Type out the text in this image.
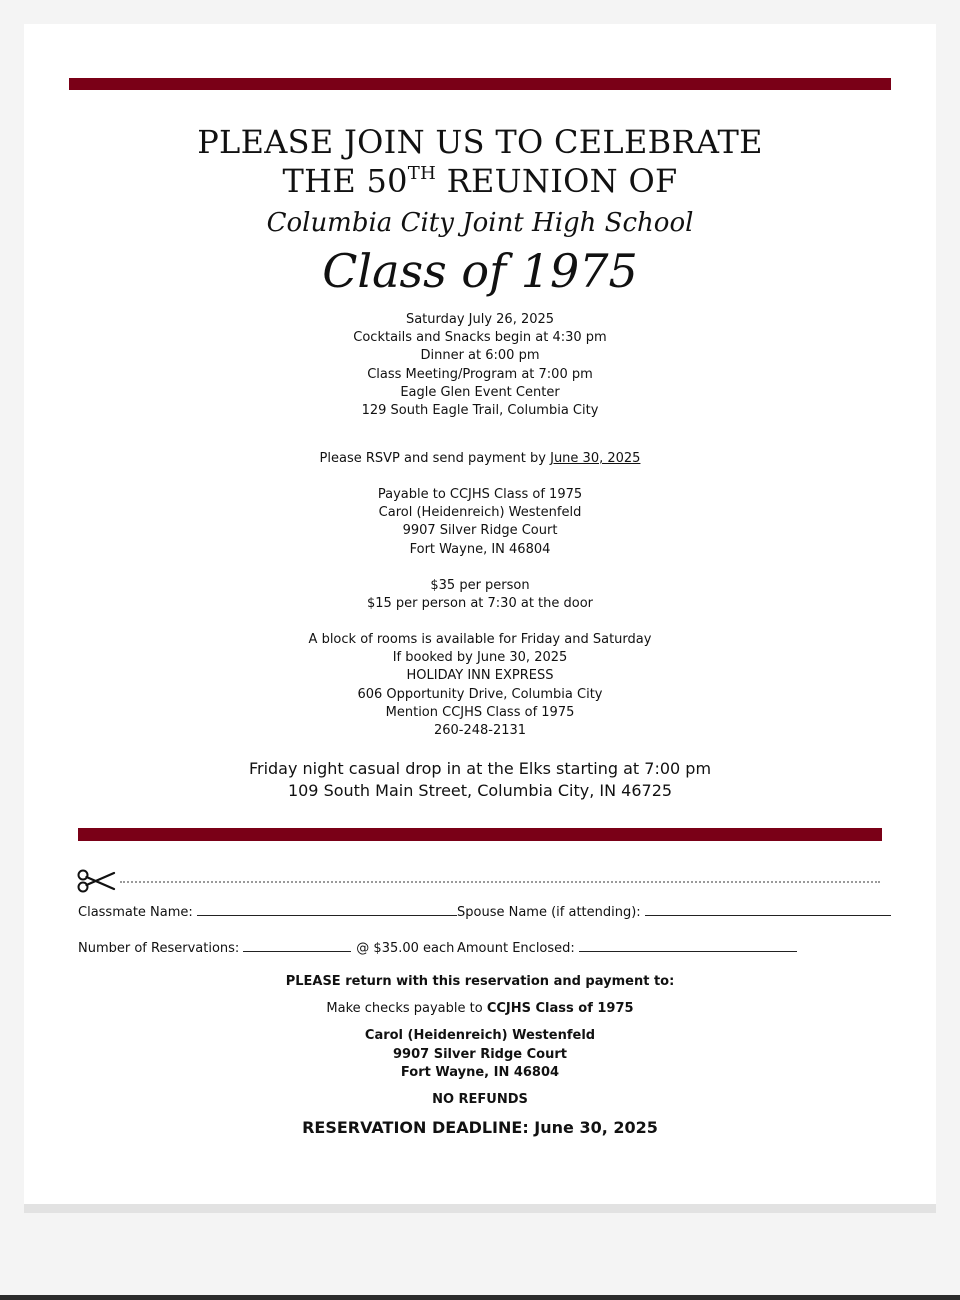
PLEASE JOIN US TO CELEBRATE
THE 50TH REUNION OF
Columbia City Joint High School
Class of 1975
Saturday July 26, 2025
Cocktails and Snacks begin at 4:30 pm
Dinner at 6:00 pm
Class Meeting/Program at 7:00 pm
Eagle Glen Event Center
129 South Eagle Trail, Columbia City
Please RSVP and send payment by June 30, 2025
Payable to CCJHS Class of 1975
Carol (Heidenreich) Westenfeld
9907 Silver Ridge Court
Fort Wayne, IN 46804
$35 per person
$15 per person at 7:30 at the door
A block of rooms is available for Friday and Saturday
If booked by June 30, 2025
HOLIDAY INN EXPRESS
606 Opportunity Drive, Columbia City
Mention CCJHS Class of 1975
260-248-2131
Friday night casual drop in at the Elks starting at 7:00 pm
109 South Main Street, Columbia City, IN 46725
Classmate Name:	Spouse Name (if attending):
Number of Reservations:	@ $35.00 each Amount Enclosed:
PLEASE return with this reservation and payment to:
Make checks payable to CCJHS Class of 1975
Carol (Heidenreich) Westenfeld
9907 Silver Ridge Court
Fort Wayne, IN 46804
NO REFUNDS
RESERVATION DEADLINE: June 30, 2025
